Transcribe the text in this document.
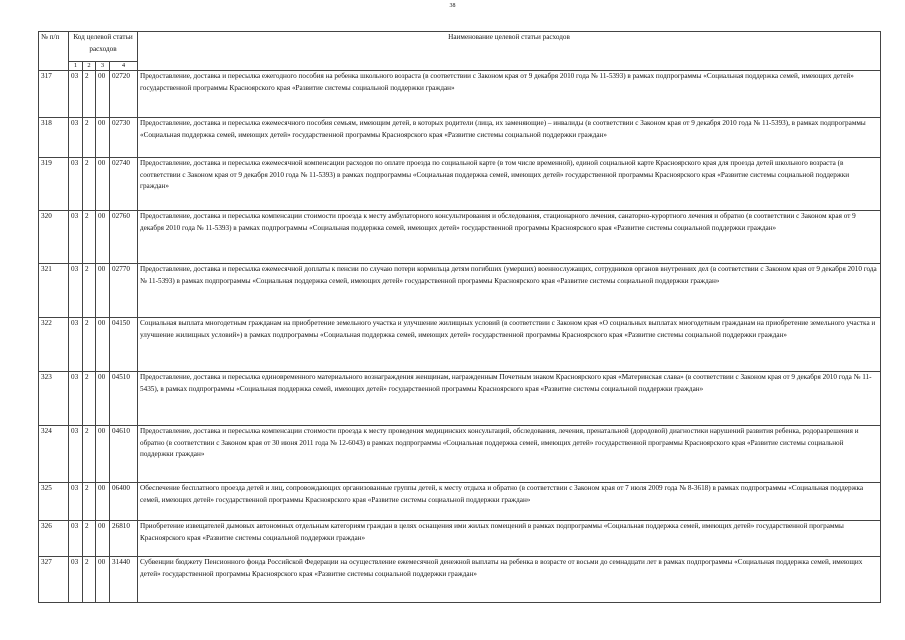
38
№ п/п	Код целевой статьи расходов				Наименование целевой статьи расходов
	1	2	3	4	
317	03	2	00	02720	Предоставление, доставка и пересылка ежегодного пособия на ребенка школьного возраста (в соответствии с Законом края от 9 декабря 2010 года № 11-5393) в рамках подпрограммы «Социальная поддержка семей, имеющих детей» государственной программы Красноярского края «Развитие системы социальной поддержки граждан»
318	03	2	00	02730	Предоставление, доставка и пересылка ежемесячного пособия семьям, имеющим детей, в которых родители (лица, их заменяющие) – инвалиды (в соответствии с Законом края от 9 декабря 2010 года № 11-5393), в рамках подпрограммы «Социальная поддержка семей, имеющих детей» государственной программы Красноярского края «Развитие системы социальной поддержки граждан»
319	03	2	00	02740	Предоставление, доставка и пересылка ежемесячной компенсации расходов по оплате проезда по социальной карте (в том числе временной), единой социальной карте Красноярского края для проезда детей школьного возраста (в соответствии с Законом края от 9 декабря 2010 года № 11-5393) в рамках подпрограммы «Социальная поддержка семей, имеющих детей» государственной программы Красноярского края «Развитие системы социальной поддержки граждан»
320	03	2	00	02760	Предоставление, доставка и пересылка компенсации стоимости проезда к месту амбулаторного консультирования и обследования, стационарного лечения, санаторно-курортного лечения и обратно (в соответствии с Законом края от 9 декабря 2010 года № 11-5393) в рамках подпрограммы «Социальная поддержка семей, имеющих детей» государственной программы Красноярского края «Развитие системы социальной поддержки граждан»
321	03	2	00	02770	Предоставление, доставка и пересылка ежемесячной доплаты к пенсии по случаю потери кормильца детям погибших (умерших) военнослужащих, сотрудников органов внутренних дел (в соответствии с Законом края от 9 декабря 2010 года № 11-5393) в рамках подпрограммы «Социальная поддержка семей, имеющих детей» государственной программы Красноярского края «Развитие системы социальной поддержки граждан»
322	03	2	00	04150	Социальная выплата многодетным гражданам на приобретение земельного участка и улучшение жилищных условий (в соответствии с Законом края «О социальных выплатах многодетным гражданам на приобретение земельного участка и улучшение жилищных условий») в рамках подпрограммы «Социальная поддержка семей, имеющих детей» государственной программы Красноярского края «Развитие системы социальной поддержки граждан»
323	03	2	00	04510	Предоставление, доставка и пересылка единовременного материального вознаграждения женщинам, награжденным Почетным знаком Красноярского края «Материнская слава» (в соответствии с Законом края от 9 декабря 2010 года № 11-5435), в рамках подпрограммы «Социальная поддержка семей, имеющих детей» государственной программы Красноярского края «Развитие системы социальной поддержки граждан»
324	03	2	00	04610	Предоставление, доставка и пересылка компенсации стоимости проезда к месту проведения медицинских консультаций, обследования, лечения, пренатальной (дородовой) диагностики нарушений развития ребенка, родоразрешения и обратно (в соответствии с Законом края от 30 июня 2011 года № 12-6043) в рамках подпрограммы «Социальная поддержка семей, имеющих детей» государственной программы Красноярского края «Развитие системы социальной поддержки граждан»
325	03	2	00	06400	Обеспечение бесплатного проезда детей и лиц, сопровождающих организованные группы детей, к месту отдыха и обратно (в соответствии с Законом края от 7 июля 2009 года № 8-3618) в рамках подпрограммы «Социальная поддержка семей, имеющих детей» государственной программы Красноярского края «Развитие системы социальной поддержки граждан»
326	03	2	00	26810	Приобретение извещателей дымовых автономных отдельным категориям граждан в целях оснащения ими жилых помещений в рамках подпрограммы «Социальная поддержка семей, имеющих детей» государственной программы Красноярского края «Развитие системы социальной поддержки граждан»
327	03	2	00	31440	Субвенции бюджету Пенсионного фонда Российской Федерации на осуществление ежемесячной денежной выплаты на ребенка в возрасте от восьми до семнадцати лет в рамках подпрограммы «Социальная поддержка семей, имеющих детей» государственной программы Красноярского края «Развитие системы социальной поддержки граждан»
